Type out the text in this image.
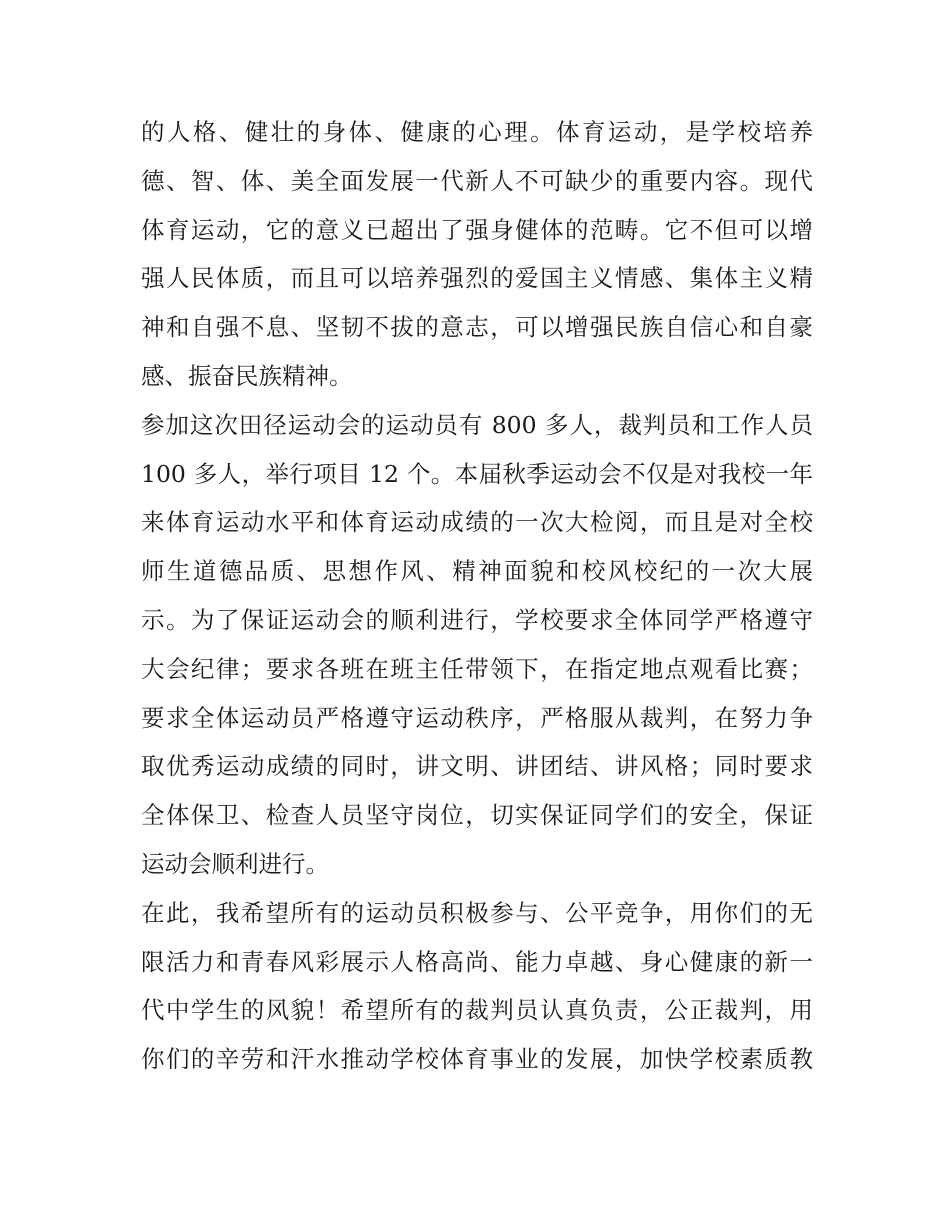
的人格、健壮的身体、健康的心理。体育运动，是学校培养
德、智、体、美全面发展一代新人不可缺少的重要内容。现代
体育运动，它的意义已超出了强身健体的范畴。它不但可以增
强人民体质，而且可以培养强烈的爱国主义情感、集体主义精
神和自强不息、坚韧不拔的意志，可以增强民族自信心和自豪
感、振奋民族精神。
参加这次田径运动会的运动员有 800 多人，裁判员和工作人员
100 多人，举行项目 12 个。本届秋季运动会不仅是对我校一年
来体育运动水平和体育运动成绩的一次大检阅，而且是对全校
师生道德品质、思想作风、精神面貌和校风校纪的一次大展
示。为了保证运动会的顺利进行，学校要求全体同学严格遵守
大会纪律；要求各班在班主任带领下，在指定地点观看比赛；
要求全体运动员严格遵守运动秩序，严格服从裁判，在努力争
取优秀运动成绩的同时，讲文明、讲团结、讲风格；同时要求
全体保卫、检查人员坚守岗位，切实保证同学们的安全，保证
运动会顺利进行。
在此，我希望所有的运动员积极参与、公平竞争，用你们的无
限活力和青春风彩展示人格高尚、能力卓越、身心健康的新一
代中学生的风貌！希望所有的裁判员认真负责，公正裁判，用
你们的辛劳和汗水推动学校体育事业的发展，加快学校素质教
